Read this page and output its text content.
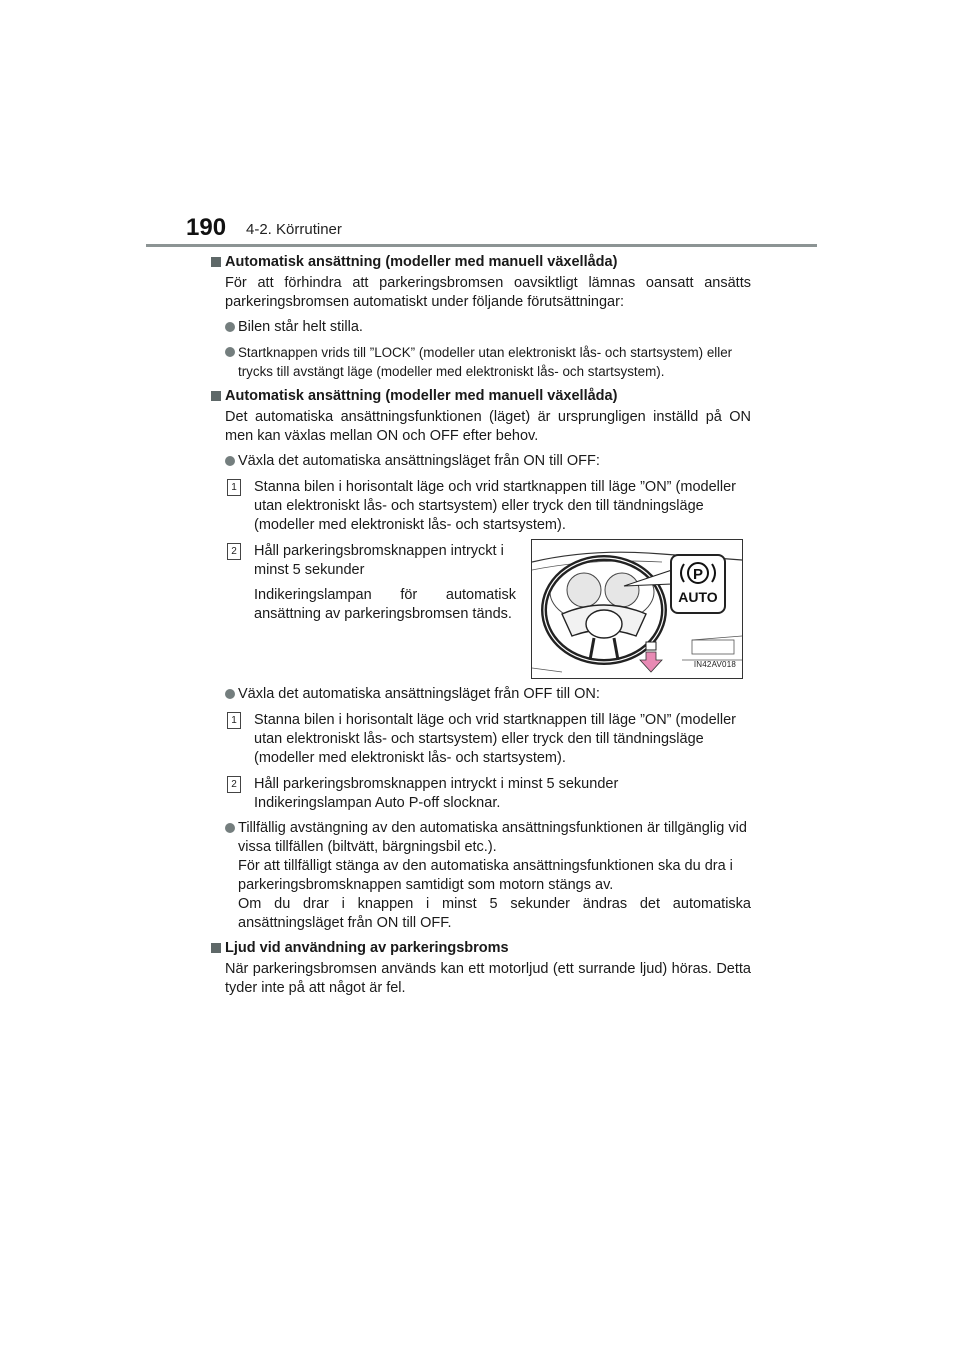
190 4-2. Körrutiner

Automatisk ansättning (modeller med manuell växellåda)

För att förhindra att parkeringsbromsen oavsiktligt lämnas oansatt ansätts parkeringsbromsen automatiskt under följande förutsättningar:

Bilen står helt stilla.

Startknappen vrids till ”LOCK” (modeller utan elektroniskt lås- och startsystem) eller trycks till avstängt läge (modeller med elektroniskt lås- och startsystem).

Automatisk ansättning (modeller med manuell växellåda)

Det automatiska ansättningsfunktionen (läget) är ursprungligen inställd på ON men kan växlas mellan ON och OFF efter behov.

Växla det automatiska ansättningsläget från ON till OFF:

1 Stanna bilen i horisontalt läge och vrid startknappen till läge ”ON” (modeller utan elektroniskt lås- och startsystem) eller tryck den till tändningsläge (modeller med elektroniskt lås- och startsystem).

2 Håll parkeringsbromsknappen intryckt i minst 5 sekunder

Indikeringslampan för automatisk ansättning av parkeringsbromsen tänds.

P
AUTO
IN42AV018

Växla det automatiska ansättningsläget från OFF till ON:

1 Stanna bilen i horisontalt läge och vrid startknappen till läge ”ON” (modeller utan elektroniskt lås- och startsystem) eller tryck den till tändningsläge (modeller med elektroniskt lås- och startsystem).

2 Håll parkeringsbromsknappen intryckt i minst 5 sekunder

Indikeringslampan Auto P-off slocknar.

Tillfällig avstängning av den automatiska ansättningsfunktionen är tillgänglig vid vissa tillfällen (biltvätt, bärgningsbil etc.).

För att tillfälligt stänga av den automatiska ansättningsfunktionen ska du dra i parkeringsbromsknappen samtidigt som motorn stängs av.

Om du drar i knappen i minst 5 sekunder ändras det automatiska ansättningsläget från ON till OFF.

Ljud vid användning av parkeringsbroms

När parkeringsbromsen används kan ett motorljud (ett surrande ljud) höras. Detta tyder inte på att något är fel.
